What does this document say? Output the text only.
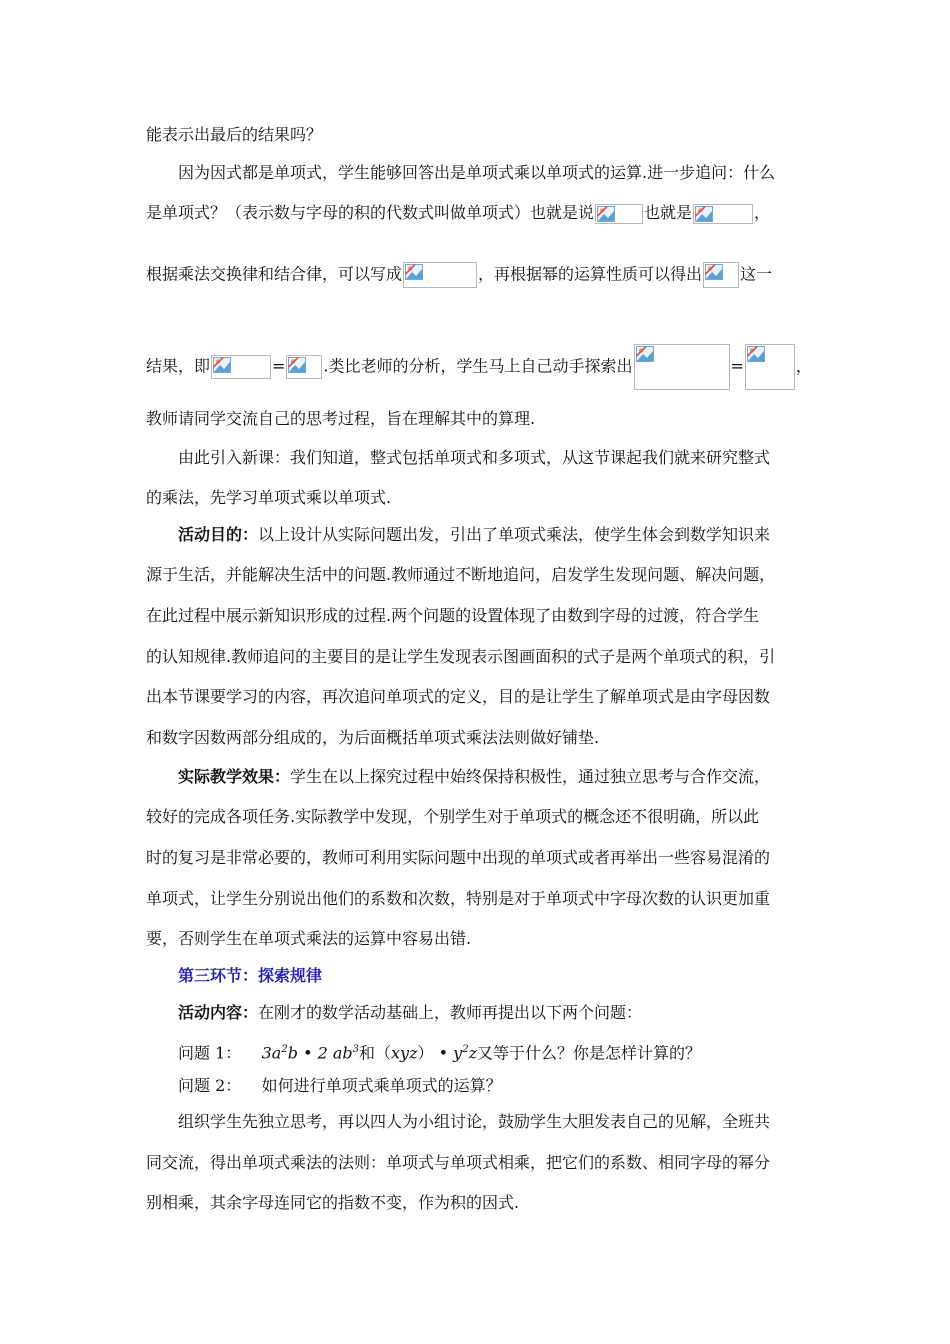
能表示出最后的结果吗？
因为因式都是单项式，学生能够回答出是单项式乘以单项式的运算.进一步追问：什么
是单项式？（表示数与字母的积的代数式叫做单项式）也就是说	也就是	，
根据乘法交换律和结合律，可以写成	，再根据幂的运算性质可以得出 这一
结果，即	= .类比老师的分析，学生马上自己动手探索出	=	，
教师请同学交流自己的思考过程，旨在理解其中的算理.
由此引入新课：我们知道，整式包括单项式和多项式，从这节课起我们就来研究整式
的乘法，先学习单项式乘以单项式.
活动目的：以上设计从实际问题出发，引出了单项式乘法，使学生体会到数学知识来
源于生活，并能解决生活中的问题.教师通过不断地追问，启发学生发现问题、解决问题，
在此过程中展示新知识形成的过程.两个问题的设置体现了由数到字母的过渡，符合学生
的认知规律.教师追问的主要目的是让学生发现表示图画面积的式子是两个单项式的积，引
出本节课要学习的内容，再次追问单项式的定义，目的是让学生了解单项式是由字母因数
和数字因数两部分组成的，为后面概括单项式乘法法则做好铺垫.
实际教学效果：学生在以上探究过程中始终保持积极性，通过独立思考与合作交流，
较好的完成各项任务.实际教学中发现，个别学生对于单项式的概念还不很明确，所以此
时的复习是非常必要的，教师可利用实际问题中出现的单项式或者再举出一些容易混淆的
单项式，让学生分别说出他们的系数和次数，特别是对于单项式中字母次数的认识更加重
要，否则学生在单项式乘法的运算中容易出错.
第三环节：探索规律
活动内容：在刚才的数学活动基础上，教师再提出以下两个问题：
问题 1： $3a^2b$ • 2 $ab^3$和（xyz） • $y^2z$又等于什么？你是怎样计算的？
问题 2： 如何进行单项式乘单项式的运算？
组织学生先独立思考，再以四人为小组讨论，鼓励学生大胆发表自己的见解，全班共
同交流，得出单项式乘法的法则：单项式与单项式相乘，把它们的系数、相同字母的幂分
别相乘，其余字母连同它的指数不变，作为积的因式.
